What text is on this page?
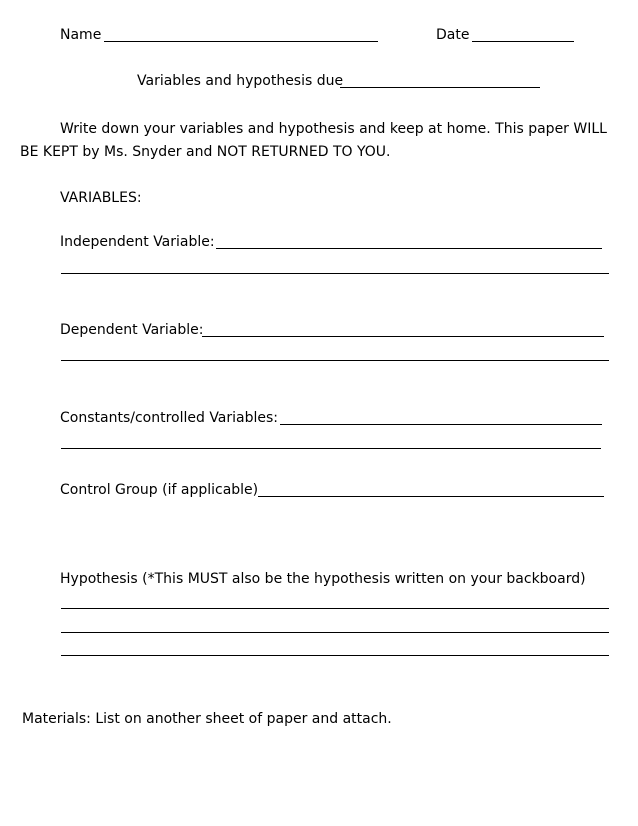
Name	Date
Variables and hypothesis due
Write down your variables and hypothesis and keep at home. This paper WILL
BE KEPT by Ms. Snyder and NOT RETURNED TO YOU.
VARIABLES:
Independent Variable:
Dependent Variable:
Constants/controlled Variables:
Control Group (if applicable)
Hypothesis (*This MUST also be the hypothesis written on your backboard)
Materials: List on another sheet of paper and attach.
